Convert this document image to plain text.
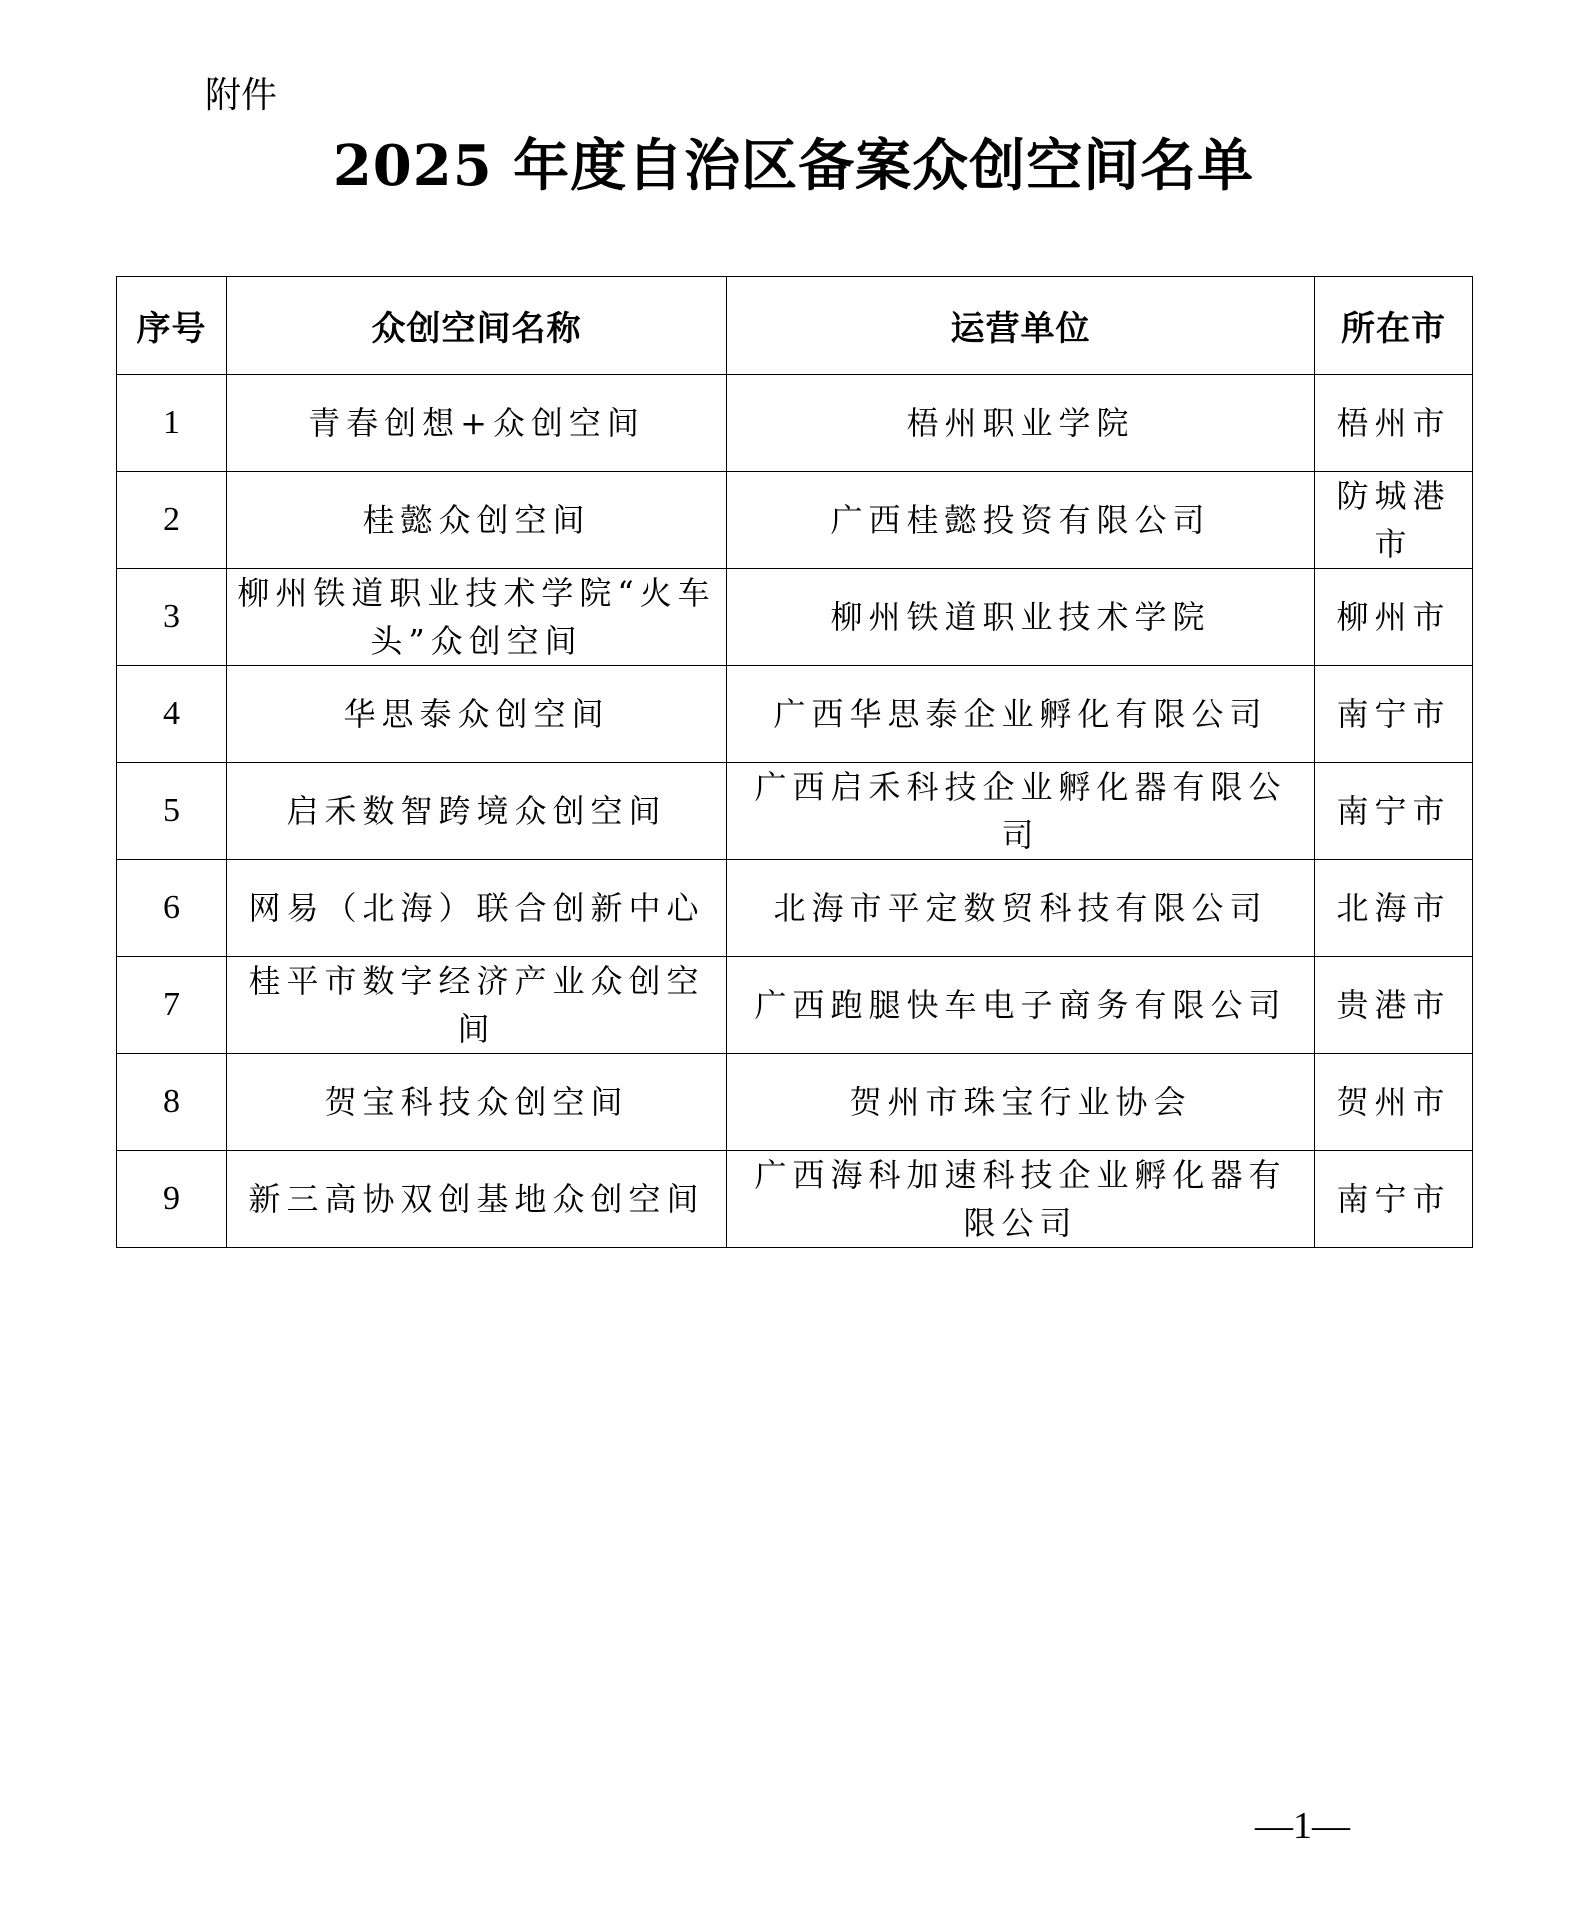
附件
2025 年度自治区备案众创空间名单
序号	众创空间名称	运营单位	所在市
1	青春创想+众创空间	梧州职业学院	梧州市
2	桂懿众创空间	广西桂懿投资有限公司	防城港市
3	柳州铁道职业技术学院“火车头”众创空间	柳州铁道职业技术学院	柳州市
4	华思泰众创空间	广西华思泰企业孵化有限公司	南宁市
5	启禾数智跨境众创空间	广西启禾科技企业孵化器有限公司	南宁市
6	网易（北海）联合创新中心	北海市平定数贸科技有限公司	北海市
7	桂平市数字经济产业众创空间	广西跑腿快车电子商务有限公司	贵港市
8	贺宝科技众创空间	贺州市珠宝行业协会	贺州市
9	新三高协双创基地众创空间	广西海科加速科技企业孵化器有限公司	南宁市
—1—
